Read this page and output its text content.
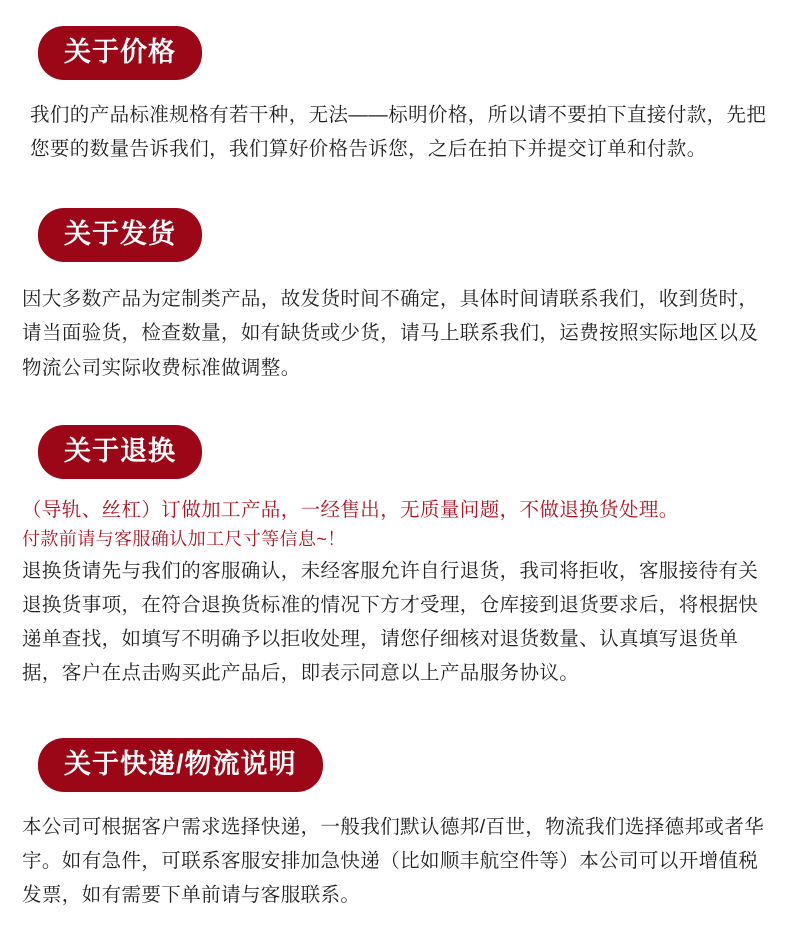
关于价格
我们的产品标准规格有若干种，无法——标明价格，所以请不要拍下直接付款，先把您要的数量告诉我们，我们算好价格告诉您，之后在拍下并提交订单和付款。
关于发货
因大多数产品为定制类产品，故发货时间不确定，具体时间请联系我们，收到货时，请当面验货，检查数量，如有缺货或少货，请马上联系我们，运费按照实际地区以及物流公司实际收费标准做调整。
关于退换
（导轨、丝杠）订做加工产品，一经售出，无质量问题，不做退换货处理。
付款前请与客服确认加工尺寸等信息~！
退换货请先与我们的客服确认，未经客服允许自行退货，我司将拒收，客服接待有关退换货事项，在符合退换货标准的情况下方才受理，仓库接到退货要求后，将根据快递单查找，如填写不明确予以拒收处理，请您仔细核对退货数量、认真填写退货单据，客户在点击购买此产品后，即表示同意以上产品服务协议。
关于快递/物流说明
本公司可根据客户需求选择快递，一般我们默认德邦/百世，物流我们选择德邦或者华宇。如有急件，可联系客服安排加急快递（比如顺丰航空件等）本公司可以开增值税发票，如有需要下单前请与客服联系。
